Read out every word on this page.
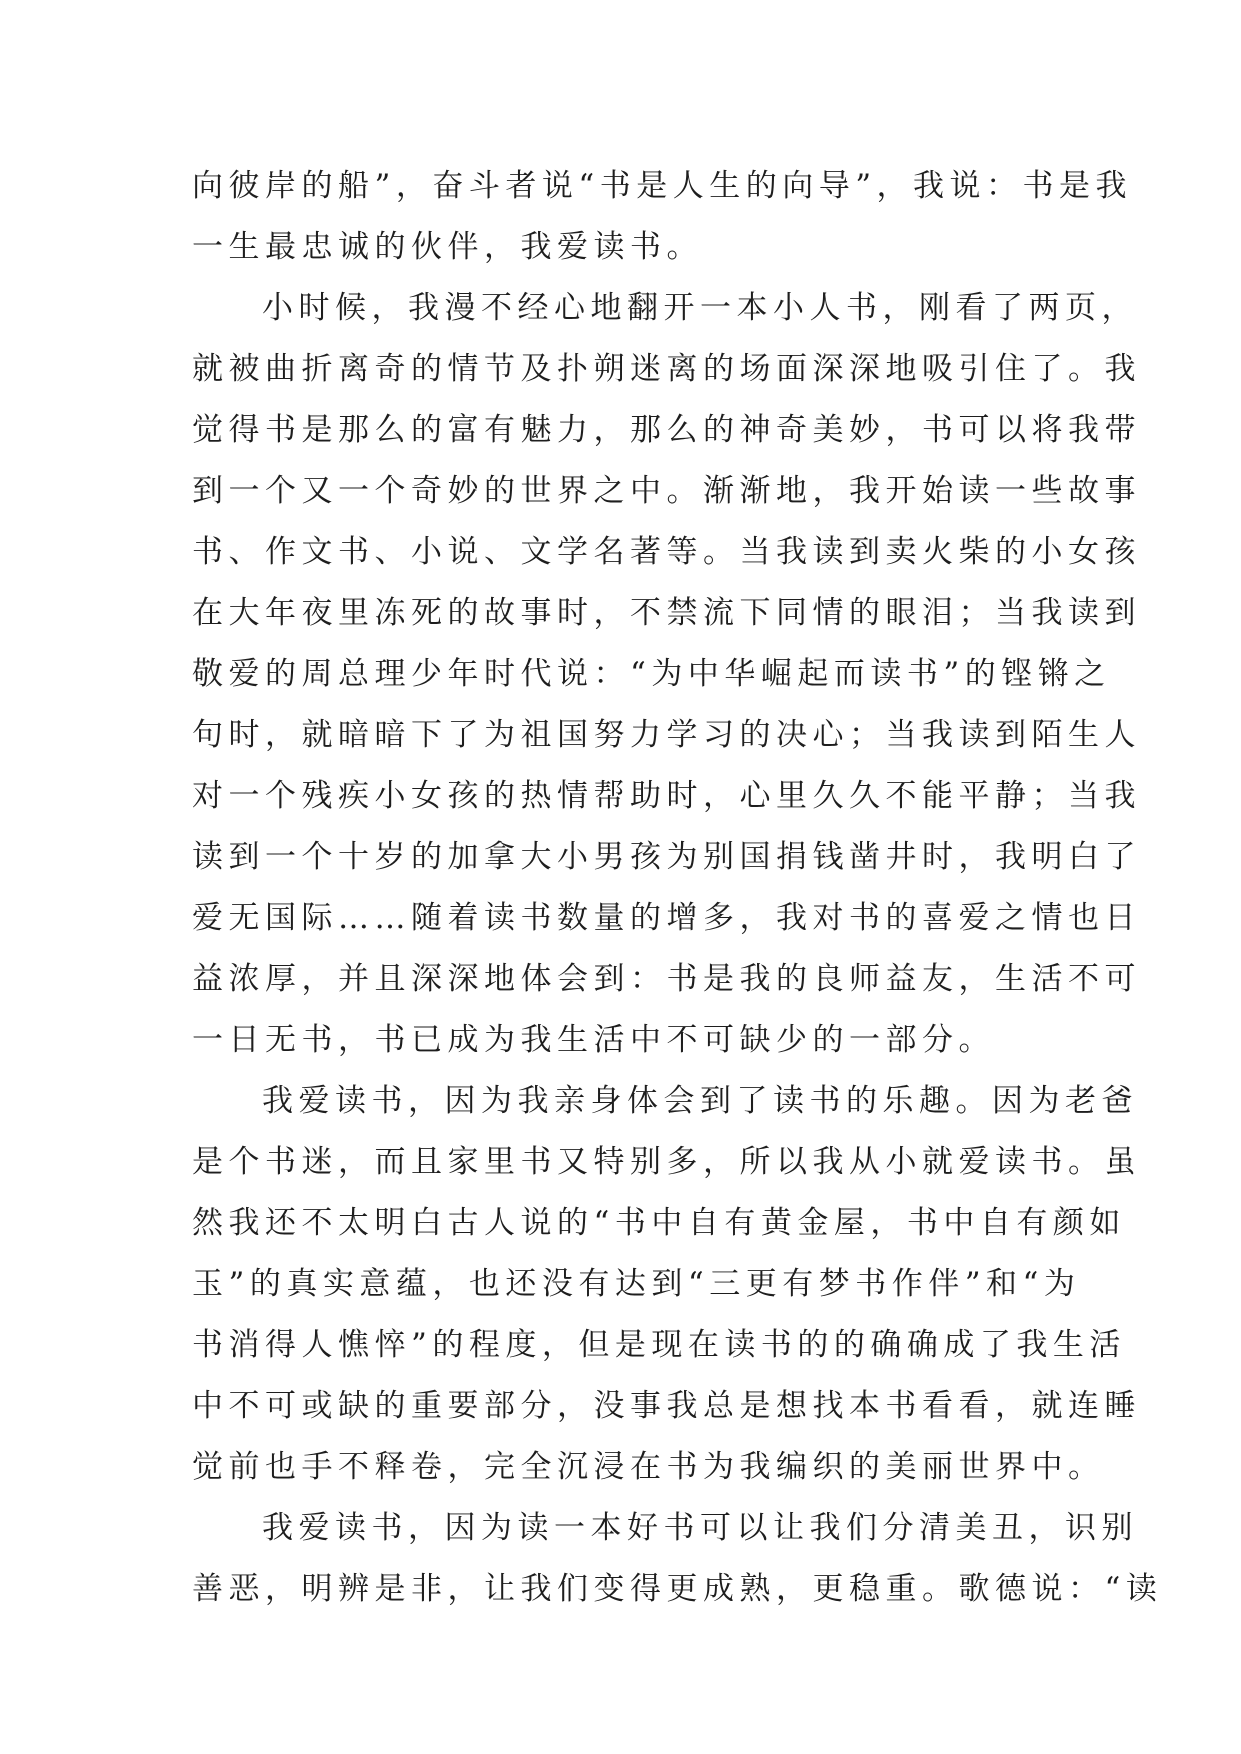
向彼岸的船”，奋斗者说“书是人生的向导”，我说：书是我
一生最忠诚的伙伴，我爱读书。
小时候，我漫不经心地翻开一本小人书，刚看了两页，
就被曲折离奇的情节及扑朔迷离的场面深深地吸引住了。我
觉得书是那么的富有魅力，那么的神奇美妙，书可以将我带
到一个又一个奇妙的世界之中。渐渐地，我开始读一些故事
书、作文书、小说、文学名著等。当我读到卖火柴的小女孩
在大年夜里冻死的故事时，不禁流下同情的眼泪；当我读到
敬爱的周总理少年时代说：“为中华崛起而读书”的铿锵之
句时，就暗暗下了为祖国努力学习的决心；当我读到陌生人
对一个残疾小女孩的热情帮助时，心里久久不能平静；当我
读到一个十岁的加拿大小男孩为别国捐钱凿井时，我明白了
爱无国际……随着读书数量的增多，我对书的喜爱之情也日
益浓厚，并且深深地体会到：书是我的良师益友，生活不可
一日无书，书已成为我生活中不可缺少的一部分。
我爱读书，因为我亲身体会到了读书的乐趣。因为老爸
是个书迷，而且家里书又特别多，所以我从小就爱读书。虽
然我还不太明白古人说的“书中自有黄金屋，书中自有颜如
玉”的真实意蕴，也还没有达到“三更有梦书作伴”和“为
书消得人憔悴”的程度，但是现在读书的的确确成了我生活
中不可或缺的重要部分，没事我总是想找本书看看，就连睡
觉前也手不释卷，完全沉浸在书为我编织的美丽世界中。
我爱读书，因为读一本好书可以让我们分清美丑，识别
善恶，明辨是非，让我们变得更成熟，更稳重。歌德说：“读
